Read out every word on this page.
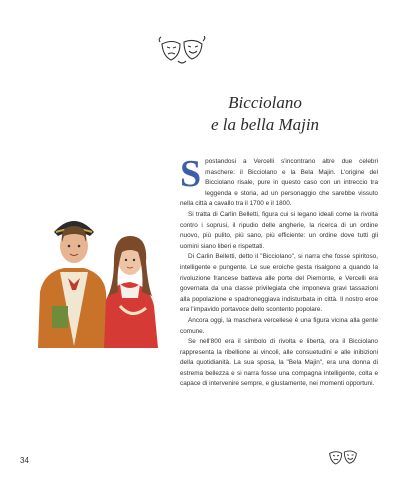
Bicciolano
e la bella Majin

Spostandosi a Vercelli s'incontrano altre due celebri maschere: il Bicciolano e la Bela Majin. L'origine del Bicciolano risale, pure in questo caso con un intreccio tra leggenda e storia, ad un personaggio che sarebbe vissuto nella città a cavallo tra il 1700 e il 1800.

Si tratta di Carlin Belletti, figura cui si legano ideali come la rivolta contro i soprusi, il ripudio delle angherie, la ricerca di un ordine nuovo, più pulito, più sano, più efficiente: un ordine dove tutti gli uomini siano liberi e rispettati.

Di Carlin Belletti, detto il "Bicciolano", si narra che fosse spiritoso, intelligente e pungente. Le sue eroiche gesta risalgono a quando la rivoluzione francese batteva alle porte del Piemonte, e Vercelli era governata da una classe privilegiata che imponeva gravi tassazioni alla popolazione e spadroneggiava indisturbata in città. Il nostro eroe era l'impavido portavoce dello scontento popolare.

Ancora oggi, la maschera vercellese è una figura vicina alla gente comune.

Se nell'800 era il simbolo di rivolta e libertà, ora il Bicciolano rappresenta la ribellione ai vincoli, alle consuetudini e alle inibizioni della quotidianità. La sua sposa, la "Bela Majin", era una donna di estrema bellezza e si narra fosse una compagna intelligente, colta e capace di intervenire sempre, e giustamente, nei momenti opportuni.

34
